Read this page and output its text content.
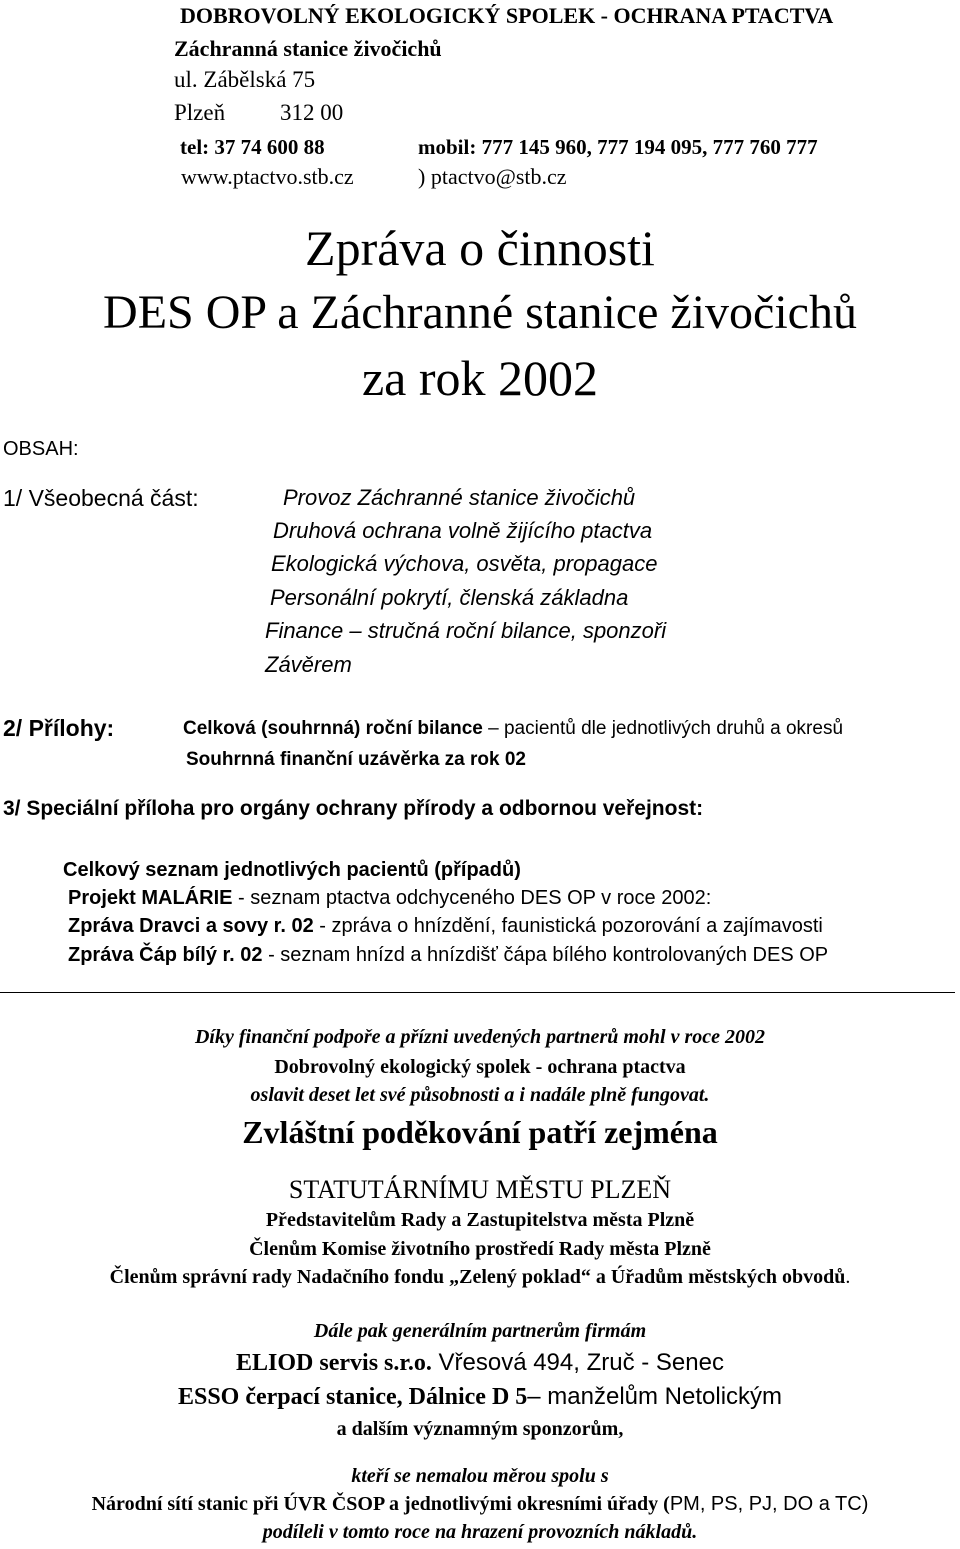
DOBROVOLNÝ EKOLOGICKÝ SPOLEK - OCHRANA PTACTVA
Záchranná stanice živočichů
ul. Zábělská 75
Plzeň 312 00
tel: 37 74 600 88	mobil: 777 145 960, 777 194 095, 777 760 777
www.ptactvo.stb.cz	) ptactvo@stb.cz
Zpráva o činnosti
DES OP a Záchranné stanice živočichů
za rok 2002
OBSAH:
1/ Všeobecná část:	Provoz Záchranné stanice živočichů
Druhová ochrana volně žijícího ptactva
Ekologická výchova, osvěta, propagace
Personální pokrytí, členská základna
Finance – stručná roční bilance, sponzoři
Závěrem
2/ Přílohy:	Celková (souhrnná) roční bilance – pacientů dle jednotlivých druhů a okresů
Souhrnná finanční uzávěrka za rok 02
3/ Speciální příloha pro orgány ochrany přírody a odbornou veřejnost:
Celkový seznam jednotlivých pacientů (případů)
Projekt MALÁRIE - seznam ptactva odchyceného DES OP v roce 2002:
Zpráva Dravci a sovy r. 02 - zpráva o hnízdění, faunistická pozorování a zajímavosti
Zpráva Čáp bílý r. 02 - seznam hnízd a hnízdišť čápa bílého kontrolovaných DES OP
Díky finanční podpoře a přízni uvedených partnerů mohl v roce 2002
Dobrovolný ekologický spolek - ochrana ptactva
oslavit deset let své působnosti a i nadále plně fungovat.
Zvláštní poděkování patří zejména
STATUTÁRNÍMU MĚSTU PLZEŇ
Představitelům Rady a Zastupitelstva města Plzně
Členům Komise životního prostředí Rady města Plzně
Členům správní rady Nadačního fondu „Zelený poklad“ a Úřadům městských obvodů.
Dále pak generálním partnerům firmám
ELIOD servis s.r.o. Vřesová 494, Zruč - Senec
ESSO čerpací stanice, Dálnice D 5– manželům Netolickým
a dalším významným sponzorům,
kteří se nemalou měrou spolu s
Národní sítí stanic při ÚVR ČSOP a jednotlivými okresními úřady (PM, PS, PJ, DO a TC)
podíleli v tomto roce na hrazení provozních nákladů.
